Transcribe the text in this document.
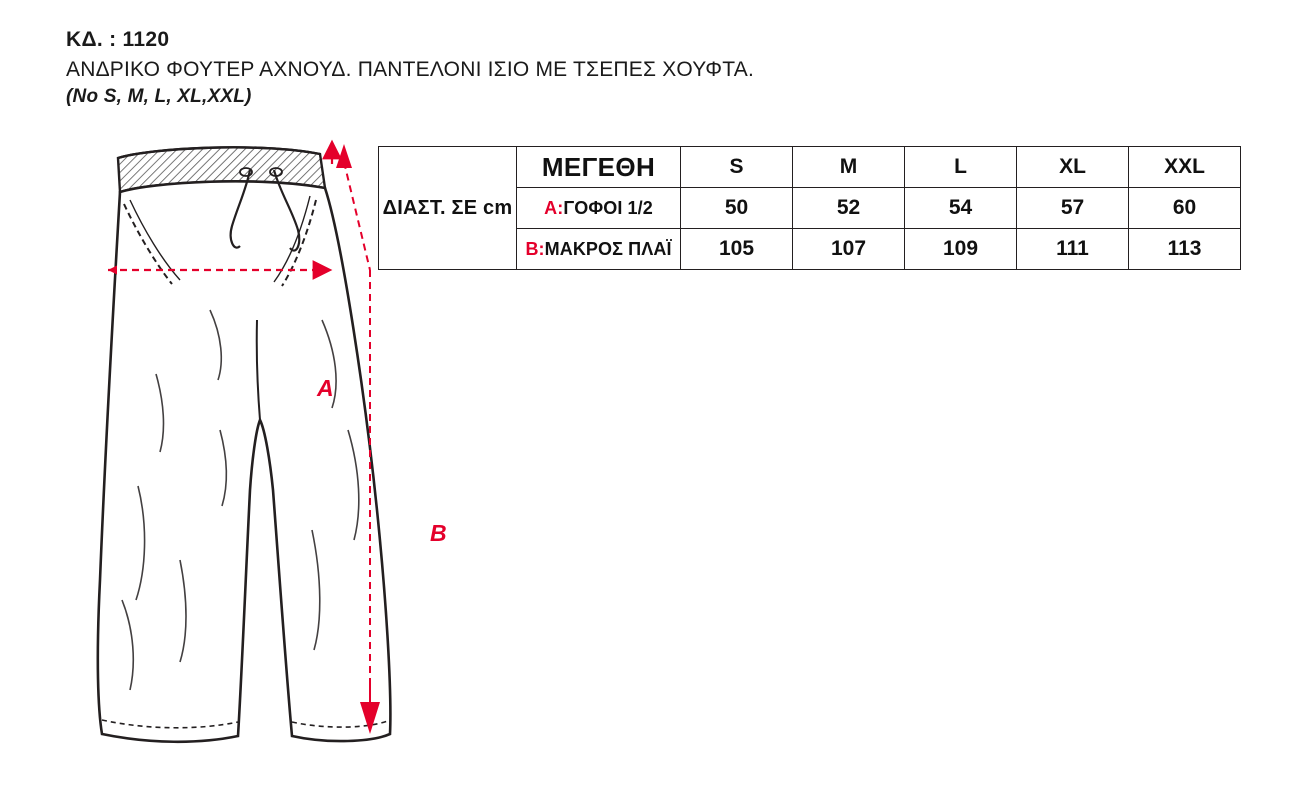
ΚΔ. : 1120

ΑΝΔΡΙΚΟ ΦΟΥΤΕΡ ΑΧΝΟΥΔ. ΠΑΝΤΕΛΟΝΙ ΙΣΙΟ ΜΕ ΤΣΕΠΕΣ ΧΟΥΦΤΑ.

(No S, M, L, XL,XXL)

A
B
ΔΙΑΣΤ. ΣΕ cm	ΜΕΓΕΘΗ	S	M	L	XL	XXL
	A:ΓΟΦΟΙ 1/2	50	52	54	57	60
	B:ΜΑΚΡΟΣ ΠΛΑΪ	105	107	109	111	113
